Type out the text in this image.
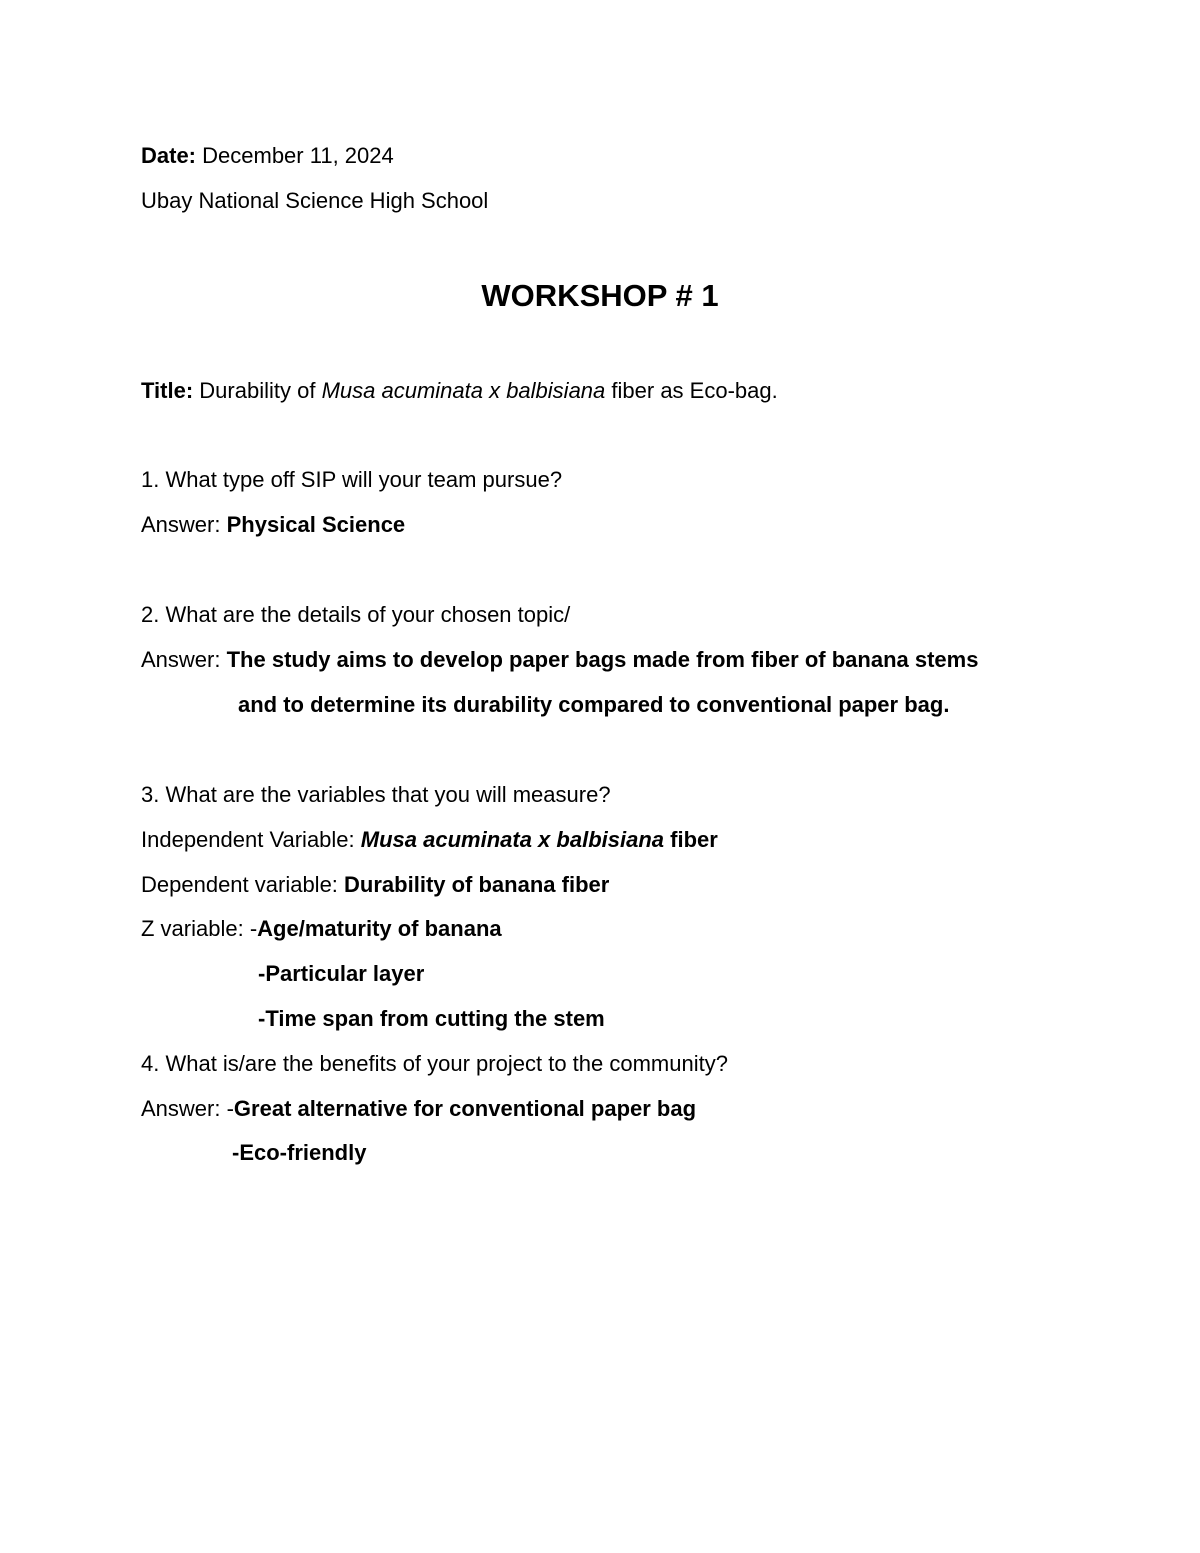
Date: December 11, 2024
Ubay National Science High School
WORKSHOP # 1
Title: Durability of Musa acuminata x balbisiana fiber as Eco-bag.
1. What type off SIP will your team pursue?
Answer: Physical Science
2. What are the details of your chosen topic/
Answer: The study aims to develop paper bags made from fiber of banana stems
and to determine its durability compared to conventional paper bag.
3. What are the variables that you will measure?
Independent Variable: Musa acuminata x balbisiana fiber
Dependent variable: Durability of banana fiber
Z variable: -Age/maturity of banana
-Particular layer
-Time span from cutting the stem
4. What is/are the benefits of your project to the community?
Answer: -Great alternative for conventional paper bag
-Eco-friendly
